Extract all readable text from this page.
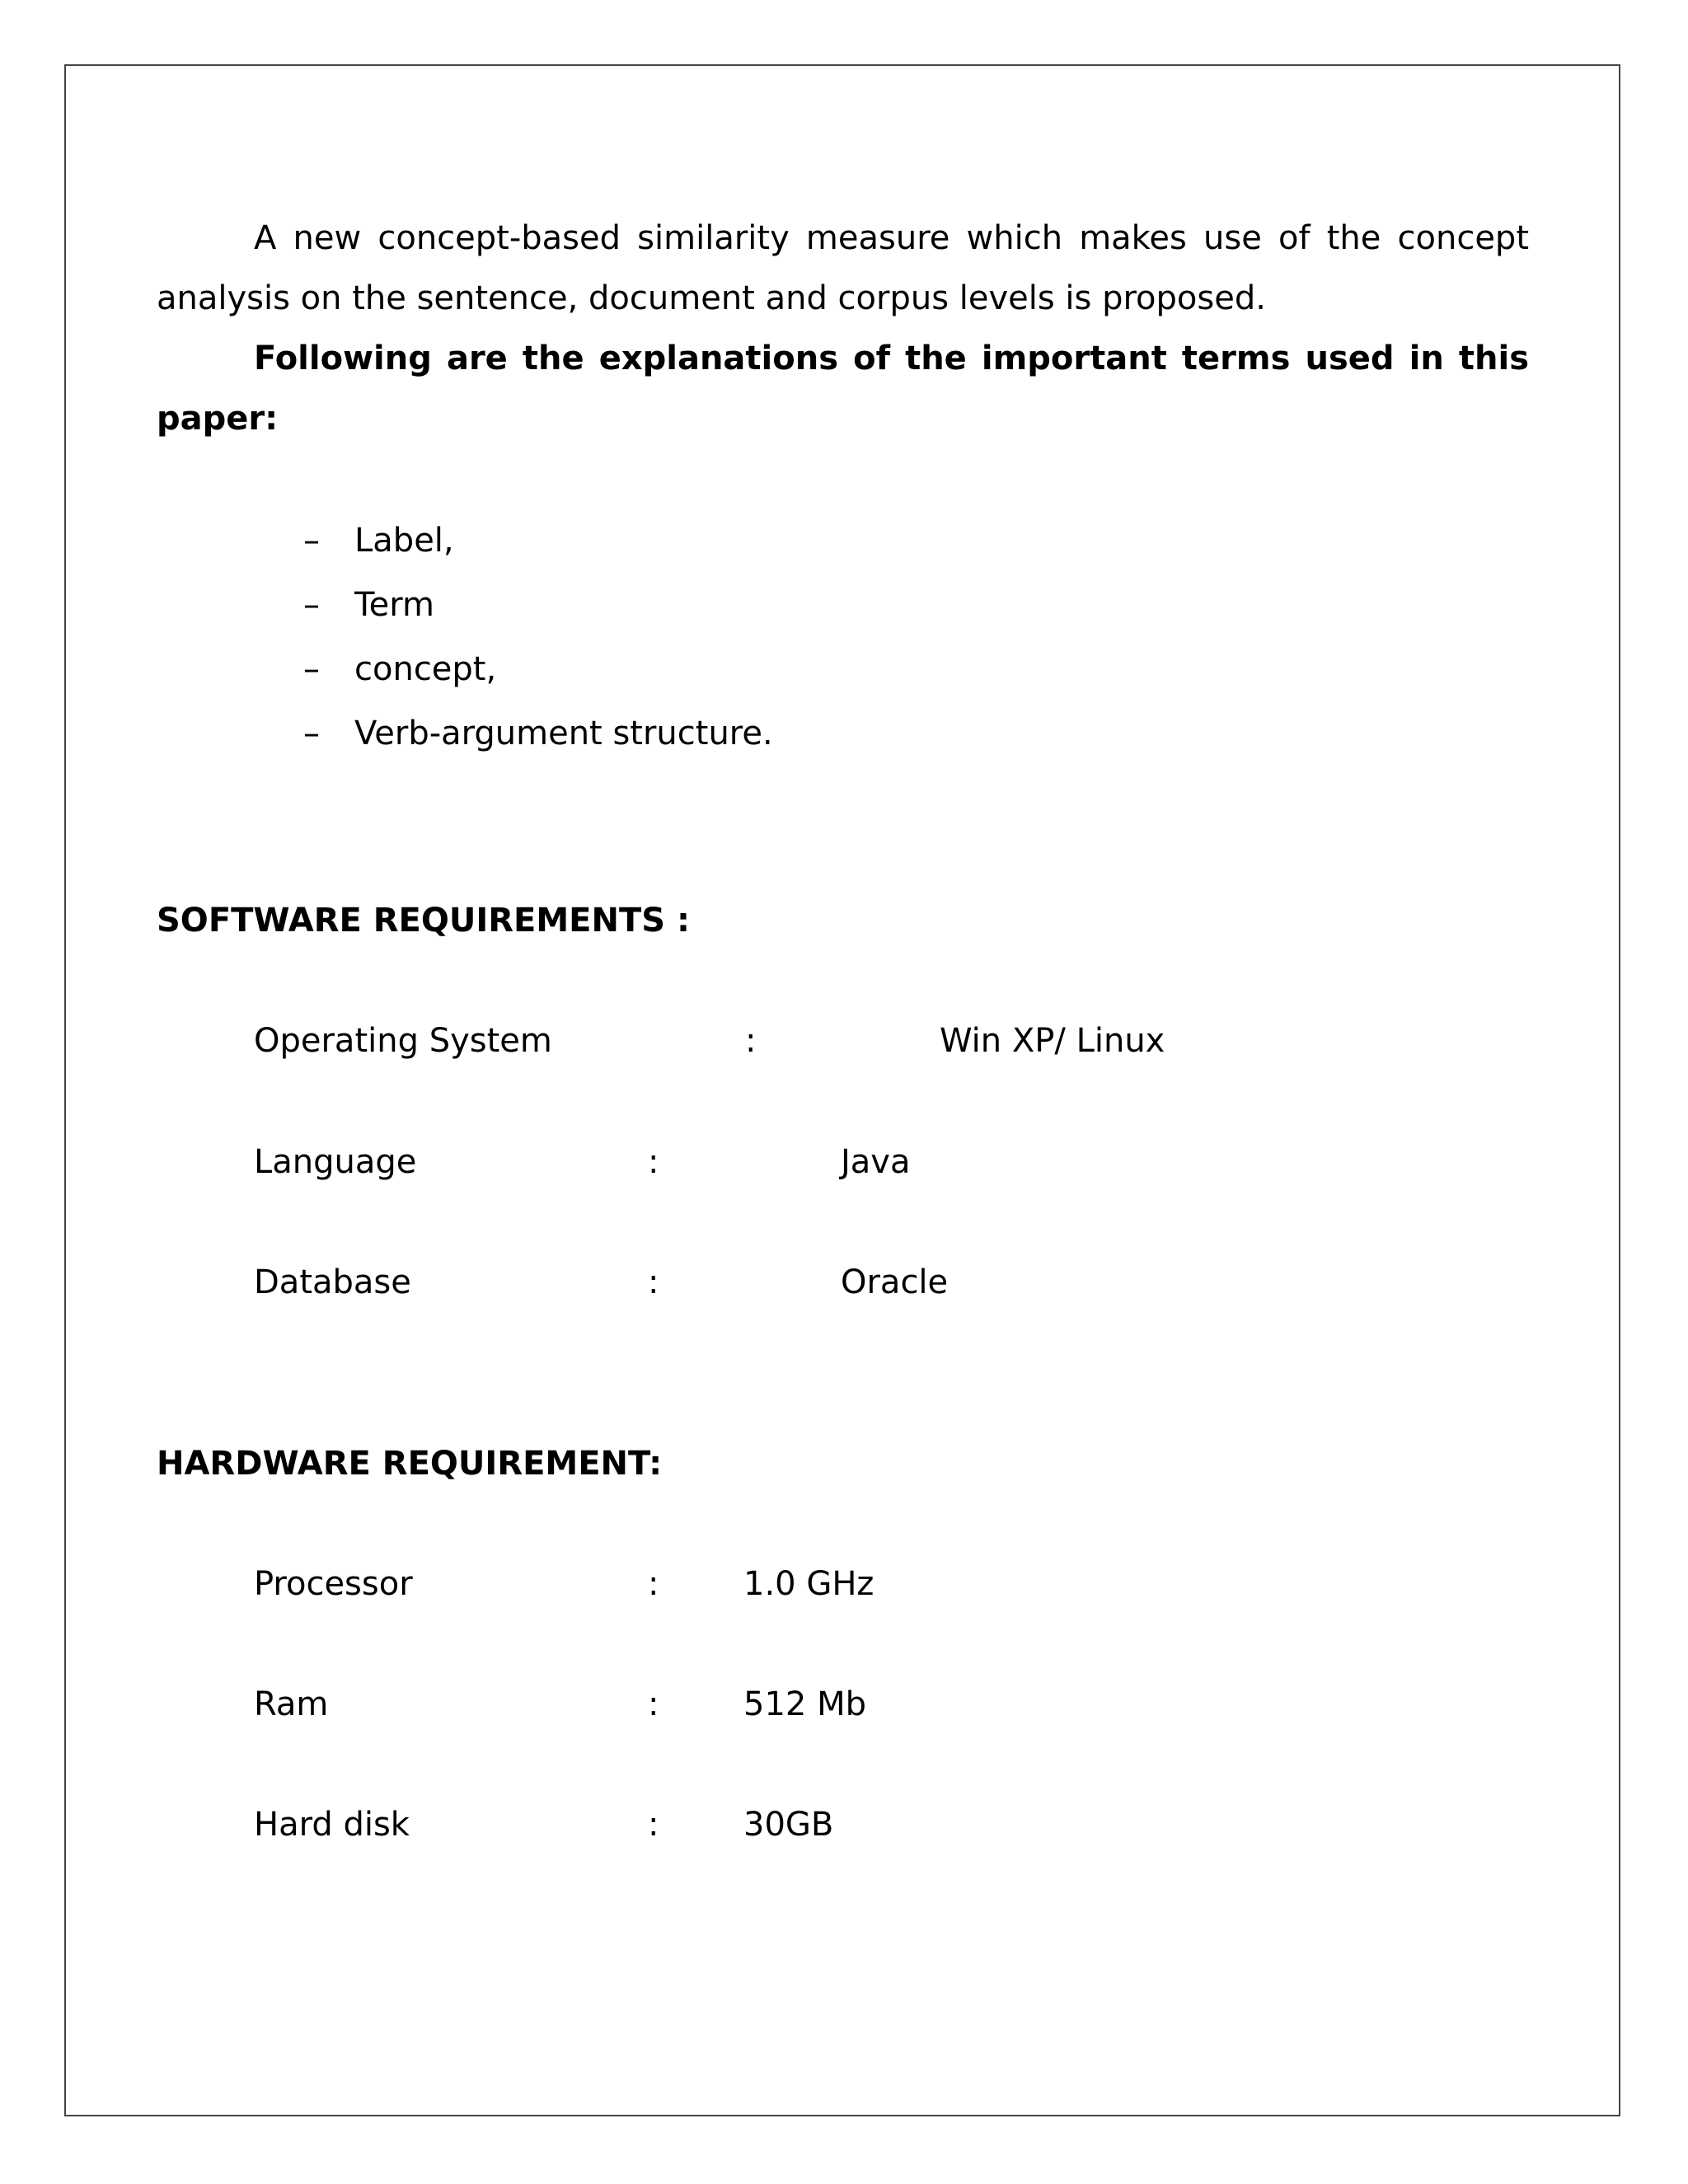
A new concept-based similarity measure which makes use of the concept analysis on the sentence, document and corpus levels is proposed.
Following are the explanations of the important terms used in this paper:
– Label,
– Term
– concept,
– Verb-argument structure.
SOFTWARE REQUIREMENTS :
Operating System	:	Win XP/ Linux
Language	:	Java
Database	:	Oracle
HARDWARE REQUIREMENT:
Processor	:	1.0 GHz
Ram	:	512 Mb
Hard disk	:	30GB
